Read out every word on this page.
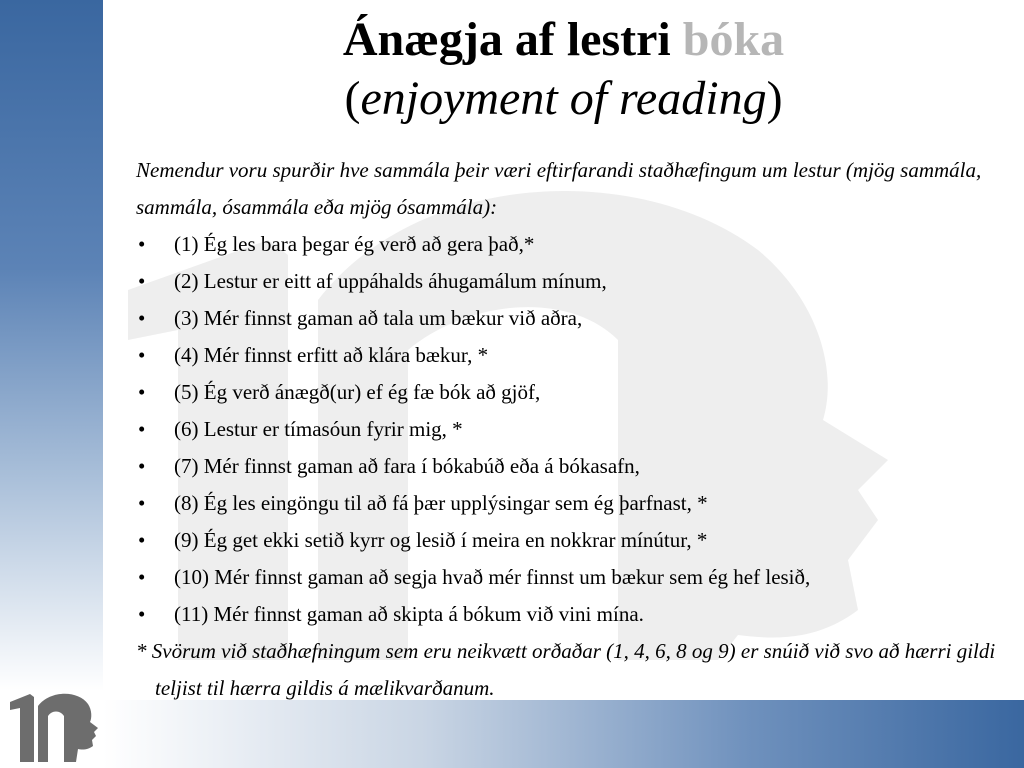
Ánægja af lestri bóka

(enjoyment of reading)

Nemendur voru spurðir hve sammála þeir væri eftirfarandi staðhæfingum um lestur (mjög sammála, sammála, ósammála eða mjög ósammála):

• (1) Ég les bara þegar ég verð að gera það,*
• (2) Lestur er eitt af uppáhalds áhugamálum mínum,
• (3) Mér finnst gaman að tala um bækur við aðra,
• (4) Mér finnst erfitt að klára bækur, *
• (5) Ég verð ánægð(ur) ef ég fæ bók að gjöf,
• (6) Lestur er tímasóun fyrir mig, *
• (7) Mér finnst gaman að fara í bókabúð eða á bókasafn,
• (8) Ég les eingöngu til að fá þær upplýsingar sem ég þarfnast, *
• (9) Ég get ekki setið kyrr og lesið í meira en nokkrar mínútur, *
• (10) Mér finnst gaman að segja hvað mér finnst um bækur sem ég hef lesið,
• (11) Mér finnst gaman að skipta á bókum við vini mína.

* Svörum við staðhæfningum sem eru neikvætt orðaðar (1, 4, 6, 8 og 9) er snúið við svo að hærri gildi teljist til hærra gildis á mælikvarðanum.
